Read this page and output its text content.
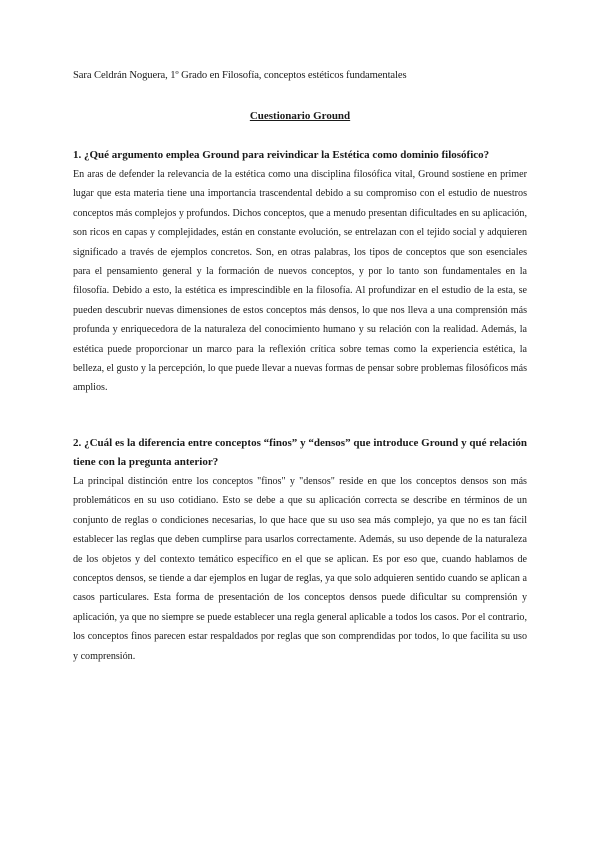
Sara Celdrán Noguera, 1º Grado en Filosofía, conceptos estéticos fundamentales
Cuestionario Ground

1. ¿Qué argumento emplea Ground para reivindicar la Estética como dominio filosófico?

En aras de defender la relevancia de la estética como una disciplina filosófica vital, Ground sostiene en primer lugar que esta materia tiene una importancia trascendental debido a su compromiso con el estudio de nuestros conceptos más complejos y profundos. Dichos conceptos, que a menudo presentan dificultades en su aplicación, son ricos en capas y complejidades, están en constante evolución, se entrelazan con el tejido social y adquieren significado a través de ejemplos concretos. Son, en otras palabras, los tipos de conceptos que son esenciales para el pensamiento general y la formación de nuevos conceptos, y por lo tanto son fundamentales en la filosofía. Debido a esto, la estética es imprescindible en la filosofía. Al profundizar en el estudio de la esta, se pueden descubrir nuevas dimensiones de estos conceptos más densos, lo que nos lleva a una comprensión más profunda y enriquecedora de la naturaleza del conocimiento humano y su relación con la realidad. Además, la estética puede proporcionar un marco para la reflexión crítica sobre temas como la experiencia estética, la belleza, el gusto y la percepción, lo que puede llevar a nuevas formas de pensar sobre problemas filosóficos más amplios.

2. ¿Cuál es la diferencia entre conceptos “finos” y “densos” que introduce Ground y qué relación tiene con la pregunta anterior?

La principal distinción entre los conceptos "finos" y "densos" reside en que los conceptos densos son más problemáticos en su uso cotidiano. Esto se debe a que su aplicación correcta se describe en términos de un conjunto de reglas o condiciones necesarias, lo que hace que su uso sea más complejo, ya que no es tan fácil establecer las reglas que deben cumplirse para usarlos correctamente. Además, su uso depende de la naturaleza de los objetos y del contexto temático específico en el que se aplican. Es por eso que, cuando hablamos de conceptos densos, se tiende a dar ejemplos en lugar de reglas, ya que solo adquieren sentido cuando se aplican a casos particulares. Esta forma de presentación de los conceptos densos puede dificultar su comprensión y aplicación, ya que no siempre se puede establecer una regla general aplicable a todos los casos. Por el contrario, los conceptos finos parecen estar respaldados por reglas que son comprendidas por todos, lo que facilita su uso y comprensión.
